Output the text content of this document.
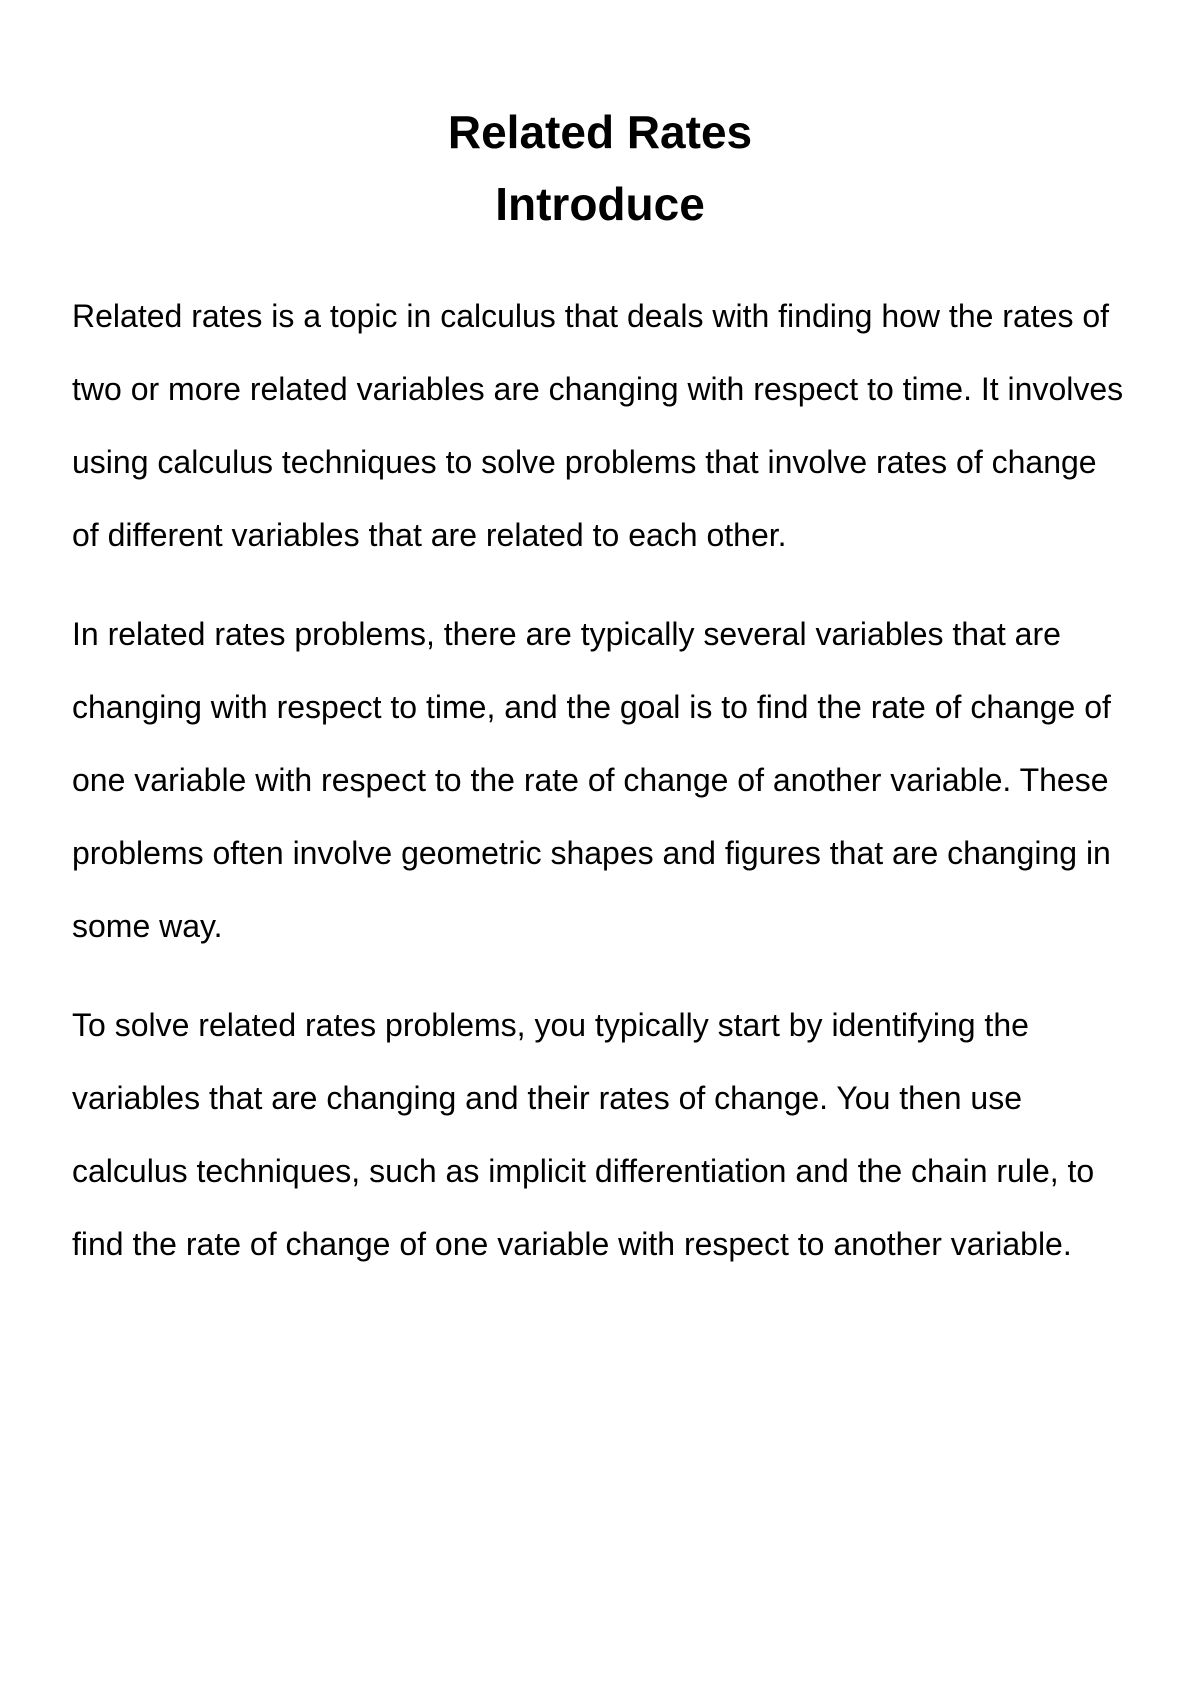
Related Rates
Introduce

Related rates is a topic in calculus that deals with finding how the rates of two or more related variables are changing with respect to time. It involves using calculus techniques to solve problems that involve rates of change of different variables that are related to each other.

In related rates problems, there are typically several variables that are changing with respect to time, and the goal is to find the rate of change of one variable with respect to the rate of change of another variable. These problems often involve geometric shapes and figures that are changing in some way.

To solve related rates problems, you typically start by identifying the variables that are changing and their rates of change. You then use calculus techniques, such as implicit differentiation and the chain rule, to find the rate of change of one variable with respect to another variable.
